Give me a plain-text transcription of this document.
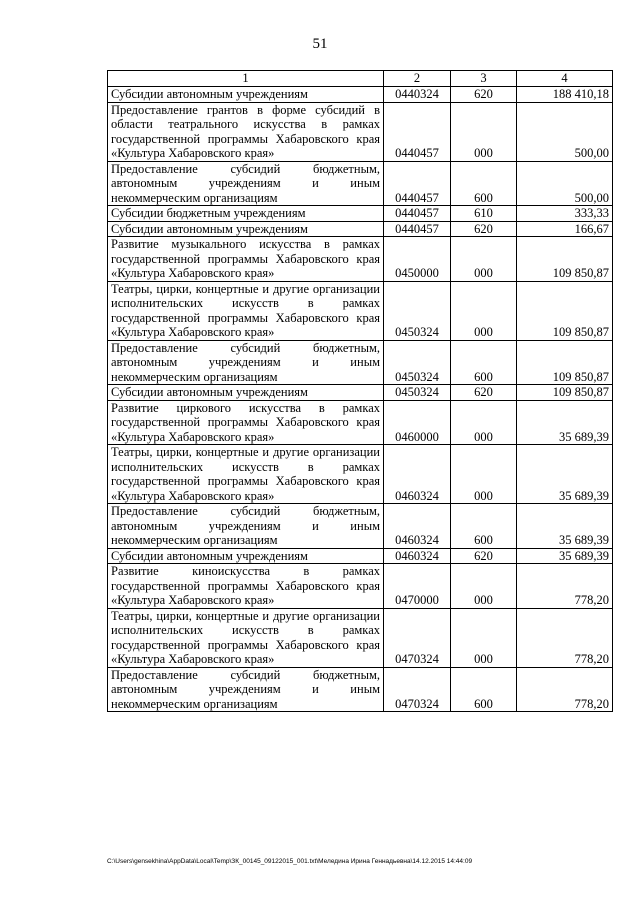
51
1	2	3	4
Субсидии автономным учреждениям	0440324	620	188 410,18
Предоставление грантов в форме субсидий в области театрального искусства в рамках государственной программы Хабаровского края «Культура Хабаровского края»	0440457	000	500,00
Предоставление субсидий бюджетным, автономным учреждениям и иным некоммерческим организациям	0440457	600	500,00
Субсидии бюджетным учреждениям	0440457	610	333,33
Субсидии автономным учреждениям	0440457	620	166,67
Развитие музыкального искусства в рамках государственной программы Хабаровского края «Культура Хабаровского края»	0450000	000	109 850,87
Театры, цирки, концертные и другие организации исполнительских искусств в рамках государственной программы Хабаровского края «Культура Хабаровского края»	0450324	000	109 850,87
Предоставление субсидий бюджетным, автономным учреждениям и иным некоммерческим организациям	0450324	600	109 850,87
Субсидии автономным учреждениям	0450324	620	109 850,87
Развитие циркового искусства в рамках государственной программы Хабаровского края «Культура Хабаровского края»	0460000	000	35 689,39
Театры, цирки, концертные и другие организации исполнительских искусств в рамках государственной программы Хабаровского края «Культура Хабаровского края»	0460324	000	35 689,39
Предоставление субсидий бюджетным, автономным учреждениям и иным некоммерческим организациям	0460324	600	35 689,39
Субсидии автономным учреждениям	0460324	620	35 689,39
Развитие киноискусства в рамках государственной программы Хабаровского края «Культура Хабаровского края»	0470000	000	778,20
Театры, цирки, концертные и другие организации исполнительских искусств в рамках государственной программы Хабаровского края «Культура Хабаровского края»	0470324	000	778,20
Предоставление субсидий бюджетным, автономным учреждениям и иным некоммерческим организациям	0470324	600	778,20
C:\Users\gensekhina\AppData\Local\Temp\ЗК_00145_09122015_001.txt\Меледина Ирина Геннадьевна\14.12.2015 14:44:09
